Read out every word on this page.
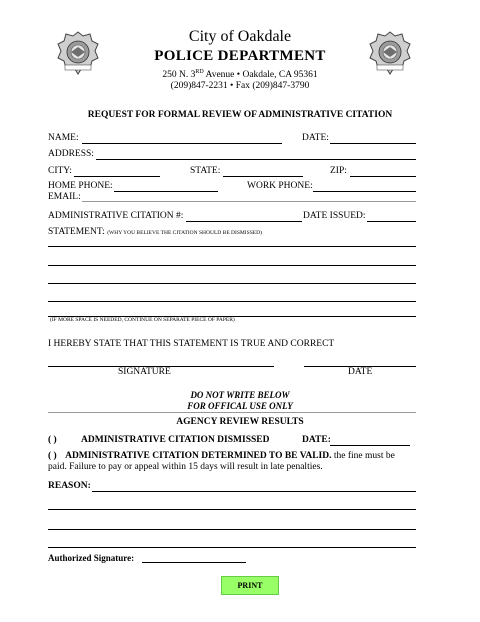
City of Oakdale
POLICE DEPARTMENT
250 N. 3RD Avenue • Oakdale, CA 95361
(209)847-2231 • Fax (209)847-3790
REQUEST FOR FORMAL REVIEW OF ADMINISTRATIVE CITATION
NAME:	DATE:
ADDRESS:
CITY:	STATE:	ZIP:
HOME PHONE:	WORK PHONE:
EMAIL:
ADMINISTRATIVE CITATION #:	DATE ISSUED:
STATEMENT: (WHY YOU BELIEVE THE CITATION SHOULD BE DISMISSED)
(IF MORE SPACE IS NEEDED, CONTINUE ON SEPARATE PIECE OF PAPER)
I HEREBY STATE THAT THIS STATEMENT IS TRUE AND CORRECT
SIGNATURE	DATE
DO NOT WRITE BELOW
FOR OFFICAL USE ONLY
AGENCY REVIEW RESULTS
( )	ADMINISTRATIVE CITATION DISMISSED	DATE:
( ) ADMINISTRATIVE CITATION DETERMINED TO BE VALID. the fine must be
paid. Failure to pay or appeal within 15 days will result in late penalties.
REASON:
Authorized Signature:
PRINT
